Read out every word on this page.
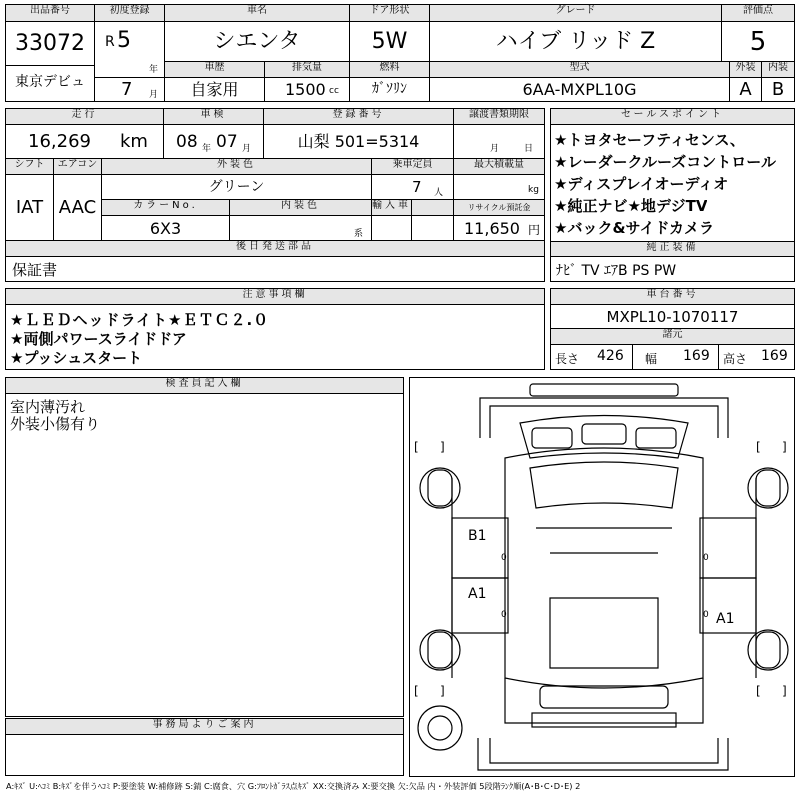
出品番号
33072
東京デビュ
初度登録
R 5
年
7 月
車名
シエンタ
ドア形状
5W
グレード
ハイブ リッド Z
評価点
5
車歴
自家用
排気量
1500 cc
燃料
ｶﾞｿﾘﾝ
型式
6AA-MXPL10G
外装
A
内装
B
走行
16,269 km
車検
08 年 07 月
登録番号
山梨 501=5314
譲渡書類期限
月	日
シフト
IAT
エアコン
AAC
外装色
グリーン
乗車定員
7 人
最大積載量
kg
カラーNo.
6X3
内装色
系
輸入車	リサイクル預託金
11,650 円
後日発送部品
保証書
セールスポイント
★トヨタセーフティセンス、
★レーダークルーズコントロール
★ディスプレイオーディオ
★純正ナビ★地デジTV
★バック&サイドカメラ
純正装備
ﾅﾋﾞ TV ｴｱB PS PW
注意事項欄
★ＬＥＤヘッドライト★ＥＴＣ２.０
★両側パワースライドドア
★プッシュスタート
車台番号
MXPL10-1070117
諸元
長さ 426 幅 169 高さ 169
検査員記入欄
室内薄汚れ
外装小傷有り
事務局よりご案内
B1
A1
A1
0
0
0
0
[ ]	[ ]
[ ]	[ ]
A:ｷｽﾞ U:ﾍｺﾐ B:ｷｽﾞを伴うﾍｺﾐ P:要塗装 W:補修跡 S:錆 C:腐食、穴 G:ﾌﾛﾝﾄｶﾞﾗｽ点ｷｽﾞ XX:交換済み X:要交換 欠:欠品 内・外装評価 5段階ﾗﾝｸ順(A･B･C･D･E) 2
